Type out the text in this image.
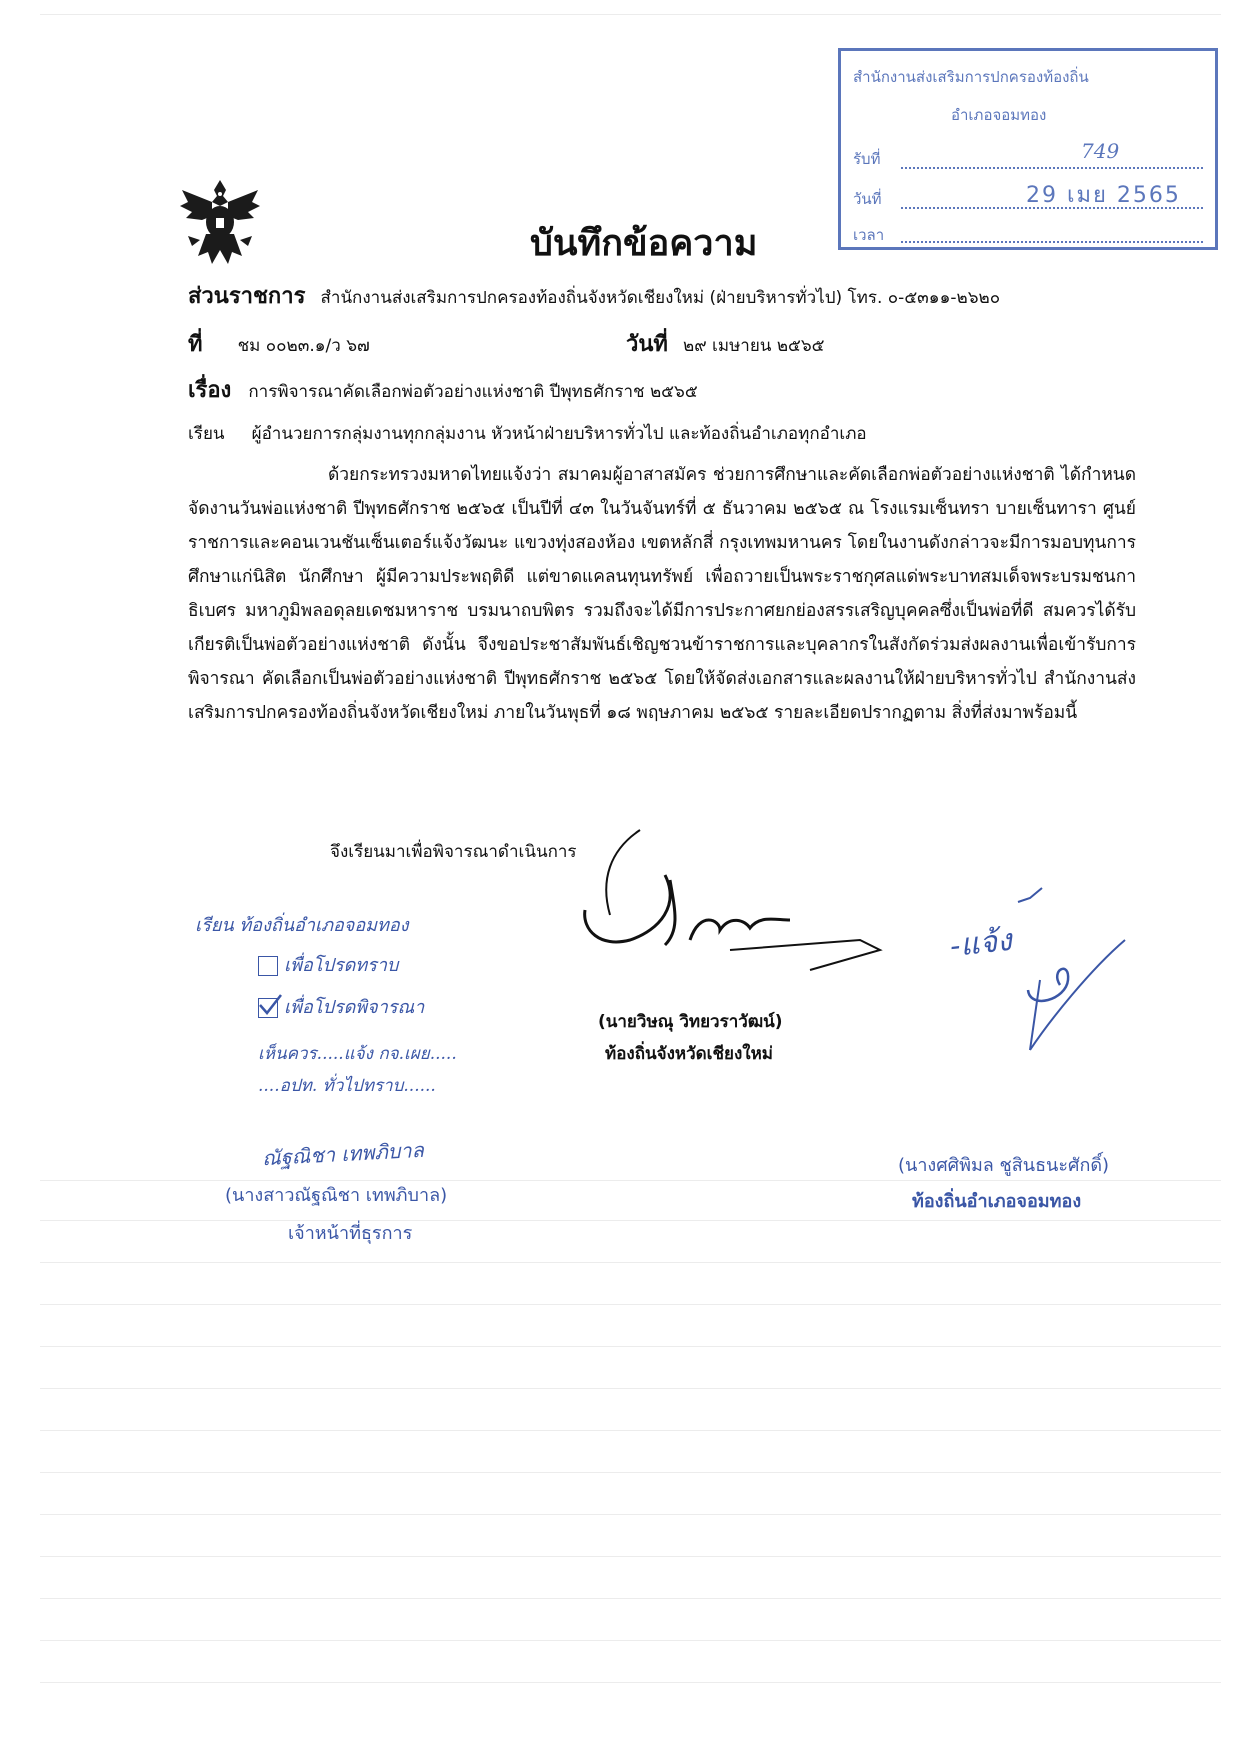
สำนักงานส่งเสริมการปกครองท้องถิ่น
อำเภอจอมทอง
รับที่	749
วันที่	29 เมย 2565
เวลา
บันทึกข้อความ
ส่วนราชการ สำนักงานส่งเสริมการปกครองท้องถิ่นจังหวัดเชียงใหม่ (ฝ่ายบริหารทั่วไป) โทร. ๐-๕๓๑๑-๒๖๒๐
ที่ ชม ๐๐๒๓.๑/ว ๖๗	วันที่ ๒๙ เมษายน ๒๕๖๕
เรื่อง การพิจารณาคัดเลือกพ่อตัวอย่างแห่งชาติ ปีพุทธศักราช ๒๕๖๕
เรียน ผู้อำนวยการกลุ่มงานทุกกลุ่มงาน หัวหน้าฝ่ายบริหารทั่วไป และท้องถิ่นอำเภอทุกอำเภอ
ด้วยกระทรวงมหาดไทยแจ้งว่า สมาคมผู้อาสาสมัคร ช่วยการศึกษาและคัดเลือกพ่อตัวอย่างแห่งชาติ ได้กำหนดจัดงานวันพ่อแห่งชาติ ปีพุทธศักราช ๒๕๖๕ เป็นปีที่ ๔๓ ในวันจันทร์ที่ ๕ ธันวาคม ๒๕๖๕ ณ โรงแรมเซ็นทรา บายเซ็นทารา ศูนย์ราชการและคอนเวนชันเซ็นเตอร์แจ้งวัฒนะ แขวงทุ่งสองห้อง เขตหลักสี่ กรุงเทพมหานคร โดยในงานดังกล่าวจะมีการมอบทุนการศึกษาแก่นิสิต นักศึกษา ผู้มีความประพฤติดี แต่ขาดแคลนทุนทรัพย์ เพื่อถวายเป็นพระราชกุศลแด่พระบาทสมเด็จพระบรมชนกาธิเบศร มหาภูมิพลอดุลยเดชมหาราช บรมนาถบพิตร รวมถึงจะได้มีการประกาศยกย่องสรรเสริญบุคคลซึ่งเป็นพ่อที่ดี สมควรได้รับเกียรติเป็นพ่อตัวอย่างแห่งชาติ ดังนั้น จึงขอประชาสัมพันธ์เชิญชวนข้าราชการและบุคลากรในสังกัดร่วมส่งผลงานเพื่อเข้ารับการพิจารณา คัดเลือกเป็นพ่อตัวอย่างแห่งชาติ ปีพุทธศักราช ๒๕๖๕ โดยให้จัดส่งเอกสารและผลงานให้ฝ่ายบริหารทั่วไป สำนักงานส่งเสริมการปกครองท้องถิ่นจังหวัดเชียงใหม่ ภายในวันพุธที่ ๑๘ พฤษภาคม ๒๕๖๕ รายละเอียดปรากฏตาม สิ่งที่ส่งมาพร้อมนี้
จึงเรียนมาเพื่อพิจารณาดำเนินการ
(นายวิษณุ วิทยวราวัฒน์)
ท้องถิ่นจังหวัดเชียงใหม่
เรียน ท้องถิ่นอำเภอจอมทอง
เพื่อโปรดทราบ
เพื่อโปรดพิจารณา
เห็นควร.....แจ้ง กจ.เผย.....
....อปท. ทั่วไปทราบ......
ณัฐณิชา เทพภิบาล
(นางสาวณัฐณิชา เทพภิบาล)
เจ้าหน้าที่ธุรการ
-แจ้ง
(นางศศิพิมล ชูสินธนะศักดิ์)
ท้องถิ่นอำเภอจอมทอง
